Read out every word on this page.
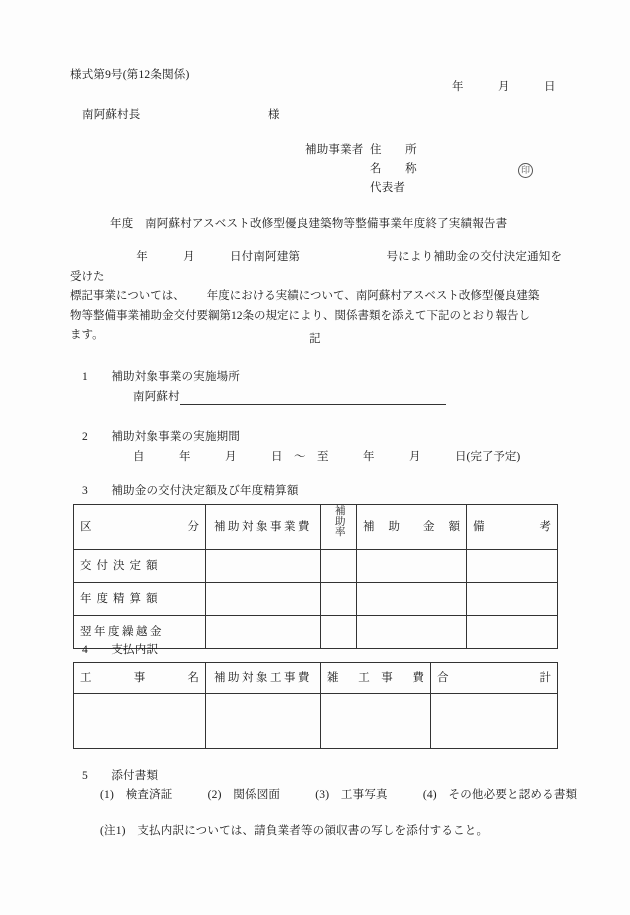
様式第9号(第12条関係)
年　　　月　　　日
南阿蘇村長	様
補助事業者 住　　所
名　　称
代表者
印
年度　南阿蘇村アスベスト改修型優良建築物等整備事業年度終了実績報告書
年　　　月　　　日付南阿建第	号により補助金の交付決定通知を受けた
標記事業については、 年度における実績について、南阿蘇村アスベスト改修型優良建築
物等整備事業補助金交付要綱第12条の規定により、関係書類を添えて下記のとおり報告し
ます。	記
1　　 補助対象事業の実施場所
南阿蘇村
2　　 補助対象事業の実施期間
自　　　年　　　月　　　日　～　至　　　年　　　月　　　日(完了予定)
3　　 補助金の交付決定額及び年度精算額
区 分	補助対象事業費	補助率	補 助　　金 額	備 考

交付決定額				
年度精算額				
翌年度繰越金				
4　　 支払内訳
工 事 名	補助対象工事費	雑 工　事 費	合 計

5　　 添付書類
(1)　検査済証　　　(2)　関係図面　　　(3)　工事写真　　　(4)　その他必要と認める書類
(注1)　支払内訳については、請負業者等の領収書の写しを添付すること。
